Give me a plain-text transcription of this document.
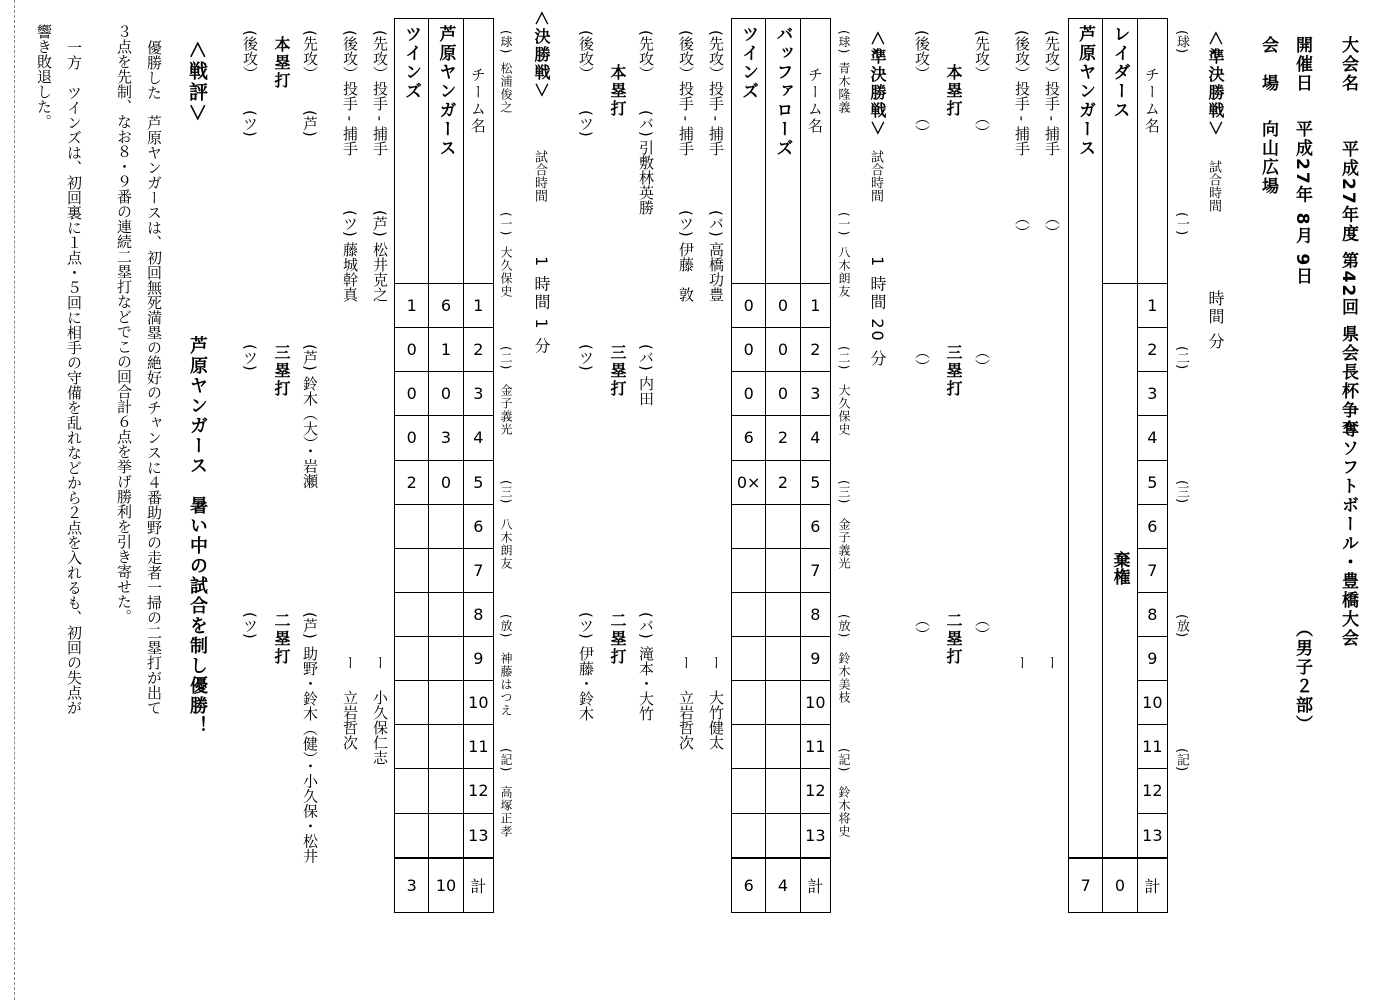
大会名
平成27年度 第42回 県会長杯争奪ソフトボール・豊橋大会
（男子２部）
開催日
平成27年 8月 9日
会　場
向山広場
＜準決勝戦＞
試合時間
時間 分
(球)
(一)
(二)
(三)
(放)
(記)
芦原ヤンガース	レイダース	チーム名
	棄権	1
		2
		3
		4
		5
		6
		7
		8
		9
		10
		11
		12
		13
7	0	計
(先攻）投手 - 捕手
（）
ー
(後攻）投手 - 捕手
（）
ー
(先攻）
（）
(後攻）
（）
本塁打
（）
三塁打
（）
（）
二塁打
（）
＜準決勝戦＞
試合時間
1 時間 20 分
(球)
青木隆義
(一)
八木朗友
(二)
大久保史
(三)
金子義光
(放)
鈴木美枝
(記)
鈴木将史
ツインズ	バッファローズ	チーム名
0	0	1
0	0	2
0	0	3
6	2	4
0×	2	5
		6
		7
		8
		9
		10
		11
		12
		13
6	4	計
(先攻）投手 - 捕手
(バ)
高橋功豊
ー
大竹健太
(後攻）投手 - 捕手
(ツ)
伊藤　敦
ー
立岩哲次
(先攻）
(バ)
引敷林英勝
本塁打
(後攻）
(ツ)
(バ)
内田
三塁打
(ツ)
(バ)
滝本・大竹
二塁打
(ツ)
伊藤・鈴木
＜決勝戦＞
試合時間
1 時間 1 分
(球)
松浦俊之
(一)
大久保史
(二)
金子義光
(三)
八木朗友
(放)
神藤はつえ
(記)
高塚正孝
ツインズ	芦原ヤンガース	チーム名
1	6	1
0	1	2
0	0	3
0	3	4
2	0	5
		6
		7
		8
		9
		10
		11
		12
		13
3	10	計
(先攻）投手 - 捕手
(芦)
松井克之
ー
小久保仁志
(後攻）投手 - 捕手
(ツ)
藤城幹真
ー
立岩哲次
(先攻）
(芦)
本塁打
(後攻）
(ツ)
(芦)
鈴木（大）・岩瀬
三塁打
(ツ)
(芦)
助野・鈴木（健）・小久保・松井
二塁打
(ツ)
＜戦評＞
芦原ヤンガース　暑い中の試合を制し優勝！
優勝した　芦原ヤンガースは、初回無死満塁の絶好のチャンスに４番助野の走者一掃の二塁打が出て
３点を先制、なお８・９番の連続二塁打などでこの回合計６点を挙げ勝利を引き寄せた。
一方　ツインズは、初回裏に１点・５回に相手の守備を乱れなどから２点を入れるも、初回の失点が
響き敗退した。
